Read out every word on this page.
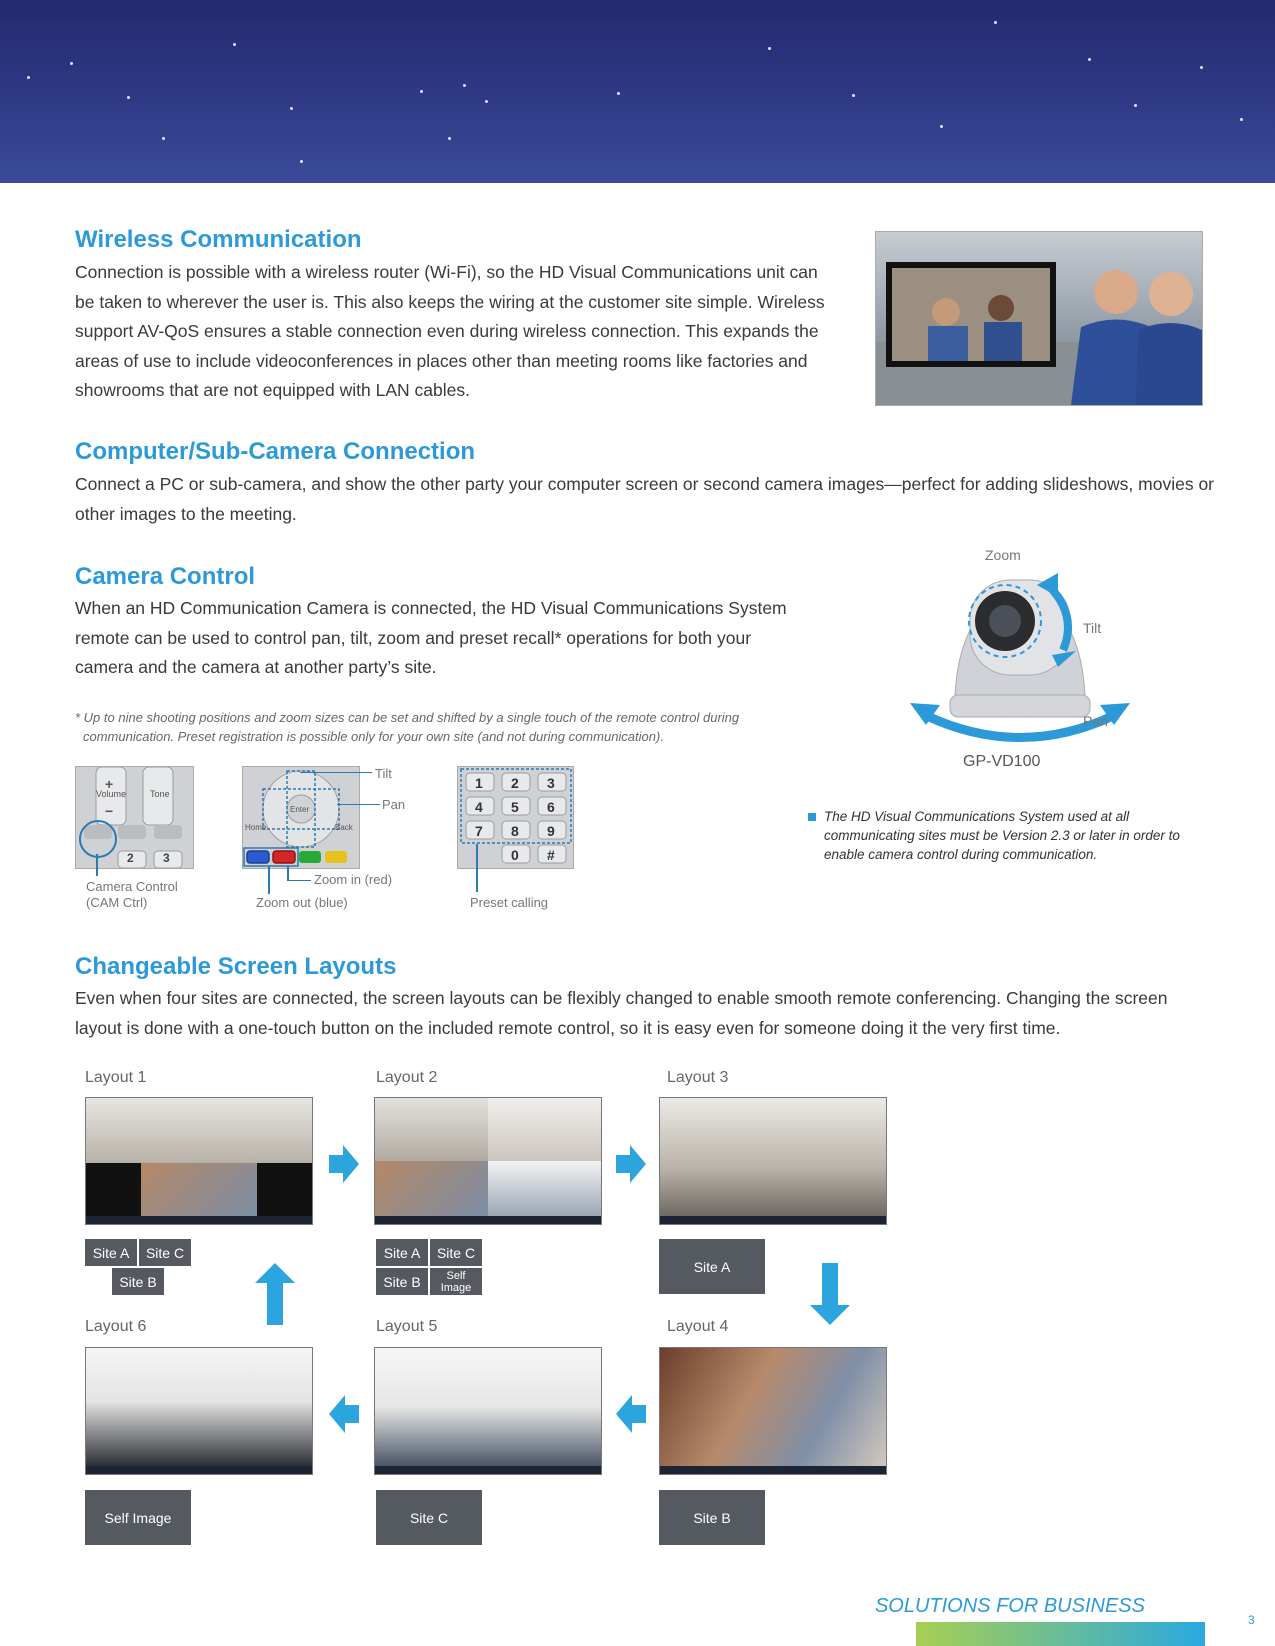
Wireless Communication

Connection is possible with a wireless router (Wi-Fi), so the HD Visual Communications unit can be taken to wherever the user is. This also keeps the wiring at the customer site simple. Wireless support AV-QoS ensures a stable connection even during wireless connection. This expands the areas of use to include videoconferences in places other than meeting rooms like factories and showrooms that are not equipped with LAN cables.

Computer/Sub-Camera Connection

Connect a PC or sub-camera, and show the other party your computer screen or second camera images—perfect for adding slideshows, movies or other images to the meeting.

Camera Control

When an HD Communication Camera is connected, the HD Visual Communications System remote can be used to control pan, tilt, zoom and preset recall* operations for both your camera and the camera at another party’s site.

* Up to nine shooting positions and zoom sizes can be set and shifted by a single touch of the remote control during communication. Preset registration is possible only for your own site (and not during communication).

Zoom
Tilt
Pan
GP-VD100

The HD Visual Communications System used at all communicating sites must be Version 2.3 or later in order to enable camera control during communication.

+
Volume	Tone
−
2 3
Camera Control
(CAM Ctrl)
Home	Back
Enter
Tilt
Pan
Zoom in (red)
Zoom out (blue)
1 2 3
4 5 6
7 8 9
0 #
Preset calling
Changeable Screen Layouts

Even when four sites are connected, the screen layouts can be flexibly changed to enable smooth remote conferencing. Changing the screen layout is done with a one-touch button on the included remote control, so it is easy even for someone doing it the very first time.

Layout 1
Site A	Site C
Site B
Layout 2
Site A	Site C
Site B	Self Image
Layout 3
Site A
Layout 4
Site B
Layout 5
Site C
Layout 6
Self Image
SOLUTIONS FOR BUSINESS
3
